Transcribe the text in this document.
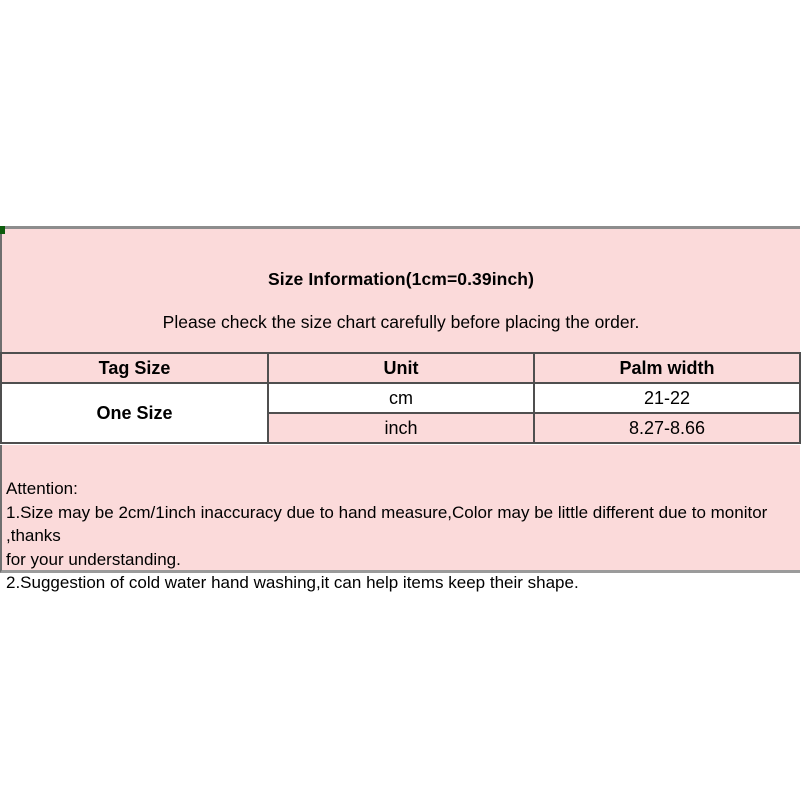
Size Information(1cm=0.39inch)
Please check the size chart carefully before placing the order.
Tag Size	Unit	Palm width
One Size	cm	21-22
	inch	8.27-8.66
Attention:
1.Size may be 2cm/1inch inaccuracy due to hand measure,Color may be little different due to monitor ,thanks
for your understanding.
2.Suggestion of cold water hand washing,it can help items keep their shape.
